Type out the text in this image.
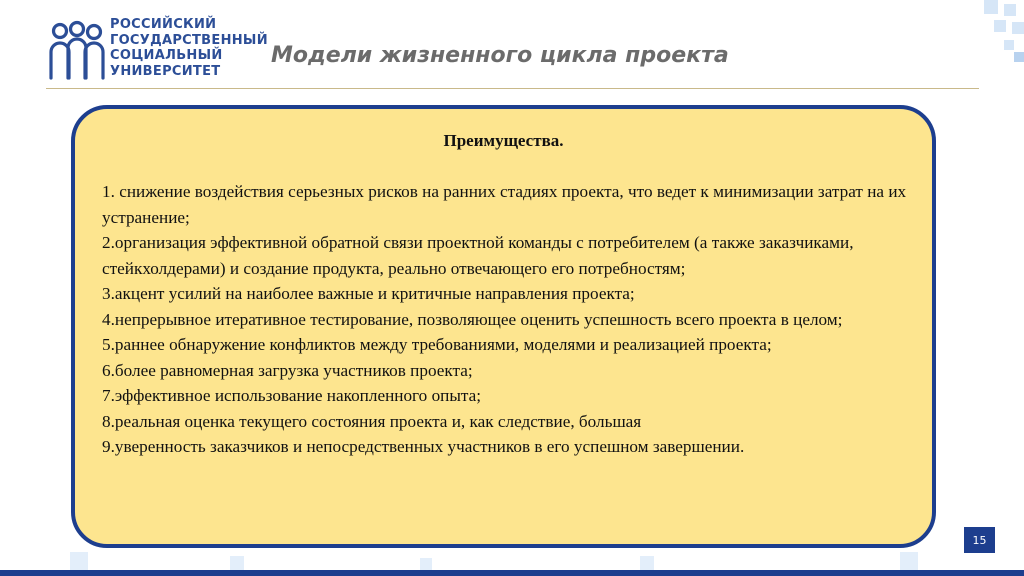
РОССИЙСКИЙ
ГОСУДАРСТВЕННЫЙ
СОЦИАЛЬНЫЙ
УНИВЕРСИТЕТ
Модели жизненного цикла проекта
Преимущества.

1. снижение воздействия серьезных рисков на ранних стадиях проекта, что ведет к минимизации затрат на их устранение;

2.организация эффективной обратной связи проектной команды с потребителем (а также заказчиками, стейкхолдерами) и создание продукта, реально отвечающего его потребностям;

3.акцент усилий на наиболее важные и критичные направления проекта;

4.непрерывное итеративное тестирование, позволяющее оценить успешность всего проекта в целом;

5.раннее обнаружение конфликтов между требованиями, моделями и реализацией проекта;

6.более равномерная загрузка участников проекта;

7.эффективное использование накопленного опыта;

8.реальная оценка текущего состояния проекта и, как следствие, большая

9.уверенность заказчиков и непосредственных участников в его успешном завершении.

15
